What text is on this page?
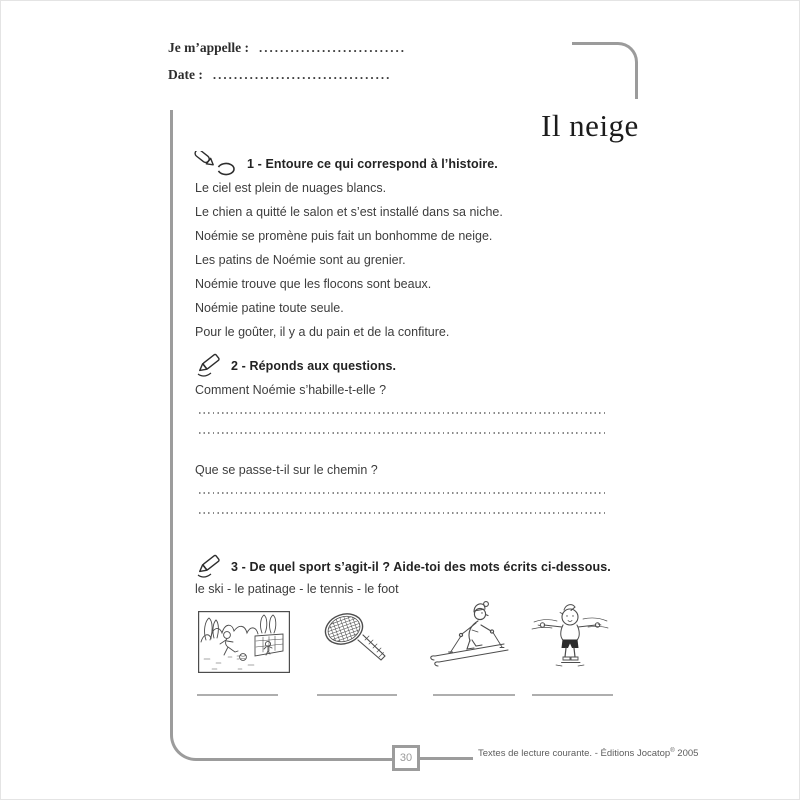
Je m’appelle : ............................
Date : ..................................
Il neige
1 - Entoure ce qui correspond à l’histoire.

Le ciel est plein de nuages blancs.

Le chien a quitté le salon et s’est installé dans sa niche.

Noémie se promène puis fait un bonhomme de neige.

Les patins de Noémie sont au grenier.

Noémie trouve que les flocons sont beaux.

Noémie patine toute seule.

Pour le goûter, il y a du pain et de la confiture.

2 - Réponds aux questions.
Comment Noémie s’habille-t-elle ?
Que se passe-t-il sur le chemin ?
3 - De quel sport s’agit-il ? Aide-toi des mots écrits ci-dessous.
le ski - le patinage - le tennis - le foot
30	Textes de lecture courante. - Éditions Jocatop® 2005
